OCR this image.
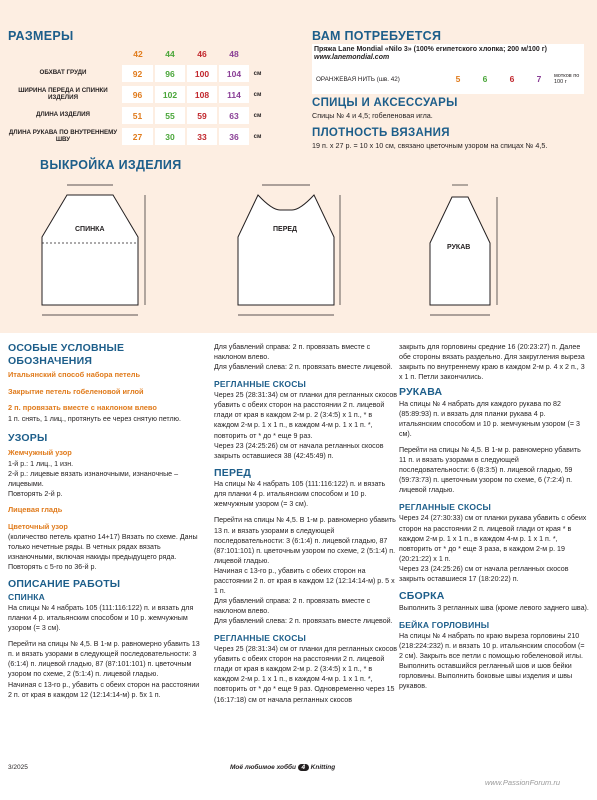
РАЗМЕРЫ
	42	44	46	48	

ОБХВАТ ГРУДИ	92	96	100	104	см

ШИРИНА ПЕРЕДА И СПИНКИ ИЗДЕЛИЯ	96	102	108	114	см

ДЛИНА ИЗДЕЛИЯ	51	55	59	63	см

ДЛИНА РУКАВА ПО ВНУТРЕННЕМУ ШВУ	27	30	33	36	см
ВАМ ПОТРЕБУЕТСЯ
Пряжа Lane Mondial «Nilo 3» (100% египетского хлопка; 200 м/100 г)
www.lanemondial.com
ОРАНЖЕВАЯ НИТЬ (шв. 42)	5	6	6	7	мотков по 100 г
СПИЦЫ И АКСЕССУАРЫ
Спицы № 4 и 4,5; гобеленовая игла.
ПЛОТНОСТЬ ВЯЗАНИЯ
19 п. х 27 р. = 10 х 10 см, связано цветочным узором на спицах № 4,5.
ВЫКРОЙКА ИЗДЕЛИЯ
СПИНКА	ПЕРЕД
РУКАВ

ОСОБЫЕ УСЛОВНЫЕ ОБОЗНАЧЕНИЯ

Итальянский способ набора петель

Закрытие петель гобеленовой иглой

2 п. провязать вместе с наклоном влево

1 п. снять, 1 лиц., протянуть ее через снятую петлю.

УЗОРЫ

Жемчужный узор

1-й р.: 1 лиц., 1 изн.

2-й р.: лицевые вязать изнаночными, изнаночные – лицевыми.

Повторять 2-й р.

Лицевая гладь

Цветочный узор

(количество петель кратно 14+17) Вязать по схеме. Даны только нечетные ряды. В четных рядах вязать изнаночными, включая накиды предыдущего ряда. Повторять с 5-го по 36-й р.

ОПИСАНИЕ РАБОТЫ

СПИНКА

На спицы № 4 набрать 105 (111:116:122) п. и вязать для планки 4 р. итальянским способом и 10 р. жемчужным узором (= 3 см).

Перейти на спицы № 4,5. В 1-м р. равномерно убавить 13 п. и вязать узорами в следующей последовательности: 3 (6:1:4) п. лицевой гладью, 87 (87:101:101) п. цветочным узором по схеме, 2 (5:1:4) п. лицевой гладью.

Начиная с 13-го р., убавить с обеих сторон на расстоянии 2 п. от края в каждом 12 (12:14:14-м) р. 5х 1 п.

Для убавлений справа: 2 п. провязать вместе с наклоном влево.

Для убавлений слева: 2 п. провязать вместе лицевой.

РЕГЛАННЫЕ СКОСЫ

Через 25 (28:31:34) см от планки для регланных скосов убавить с обеих сторон на расстоянии 2 п. лицевой глади от края в каждом 2-м р. 2 (3:4:5) х 1 п., * в каждом 2-м р. 1 х 1 п., в каждом 4-м р. 1 х 1 п. *, повторить от * до * еще 9 раз.

Через 23 (24:25:26) см от начала регланных скосов закрыть оставшиеся 38 (42:45:49) п.

ПЕРЕД

На спицы № 4 набрать 105 (111:116:122) п. и вязать для планки 4 р. итальянским способом и 10 р. жемчужным узором (= 3 см).

Перейти на спицы № 4,5. В 1-м р. равномерно убавить 13 п. и вязать узорами в следующей последовательности: 3 (6:1:4) п. лицевой гладью, 87 (87:101:101) п. цветочным узором по схеме, 2 (5:1:4) п. лицевой гладью.

Начиная с 13-го р., убавить с обеих сторон на расстоянии 2 п. от края в каждом 12 (12:14:14-м) р. 5 х 1 п.

Для убавлений справа: 2 п. провязать вместе с наклоном влево.

Для убавлений слева: 2 п. провязать вместе лицевой.

РЕГЛАННЫЕ СКОСЫ

Через 25 (28:31:34) см от планки для регланных скосов убавить с обеих сторон на расстоянии 2 п. лицевой глади от края в каждом 2-м р. 2 (3:4:5) х 1 п., * в каждом 2-м р. 1 х 1 п., в каждом 4-м р. 1 х 1 п. *, повторить от * до * еще 9 раз. Одновременно через 15 (16:17:18) см от начала регланных скосов

закрыть для горловины средние 16 (20:23:27) п. Далее обе стороны вязать раздельно. Для закругления выреза закрыть по внутреннему краю в каждом 2-м р. 4 х 2 п., 3 х 1 п. Петли закончились.

РУКАВА

На спицы № 4 набрать для каждого рукава по 82 (85:89:93) п. и вязать для планки рукава 4 р. итальянским способом и 10 р. жемчужным узором (= 3 см).

Перейти на спицы № 4,5. В 1-м р. равномерно убавить 11 п. и вязать узорами в следующей последовательности: 6 (8:3:5) п. лицевой гладью, 59 (59:73:73) п. цветочным узором по схеме, 6 (7:2:4) п. лицевой гладью.

РЕГЛАННЫЕ СКОСЫ

Через 24 (27:30:33) см от планки рукава убавить с обеих сторон на расстоянии 2 п. лицевой глади от края * в каждом 2-м р. 1 х 1 п., в каждом 4-м р. 1 х 1 п. *, повторить от * до * еще 3 раза, в каждом 2-м р. 19 (20:21:22) х 1 п.

Через 23 (24:25:26) см от начала регланных скосов закрыть оставшиеся 17 (18:20:22) п.

СБОРКА

Выполнить 3 регланных шва (кроме левого заднего шва).

БЕЙКА ГОРЛОВИНЫ

На спицы № 4 набрать по краю выреза горловины 210 (218:224:232) п. и вязать 10 р. итальянским способом (= 2 см). Закрыть все петли с помощью гобеленовой иглы.

Выполнить оставшийся регланный шов и шов бейки горловины. Выполнить боковые швы изделия и швы рукавов.

3/2025	Моё любимое хобби 4 Knitting
www.PassionForum.ru
